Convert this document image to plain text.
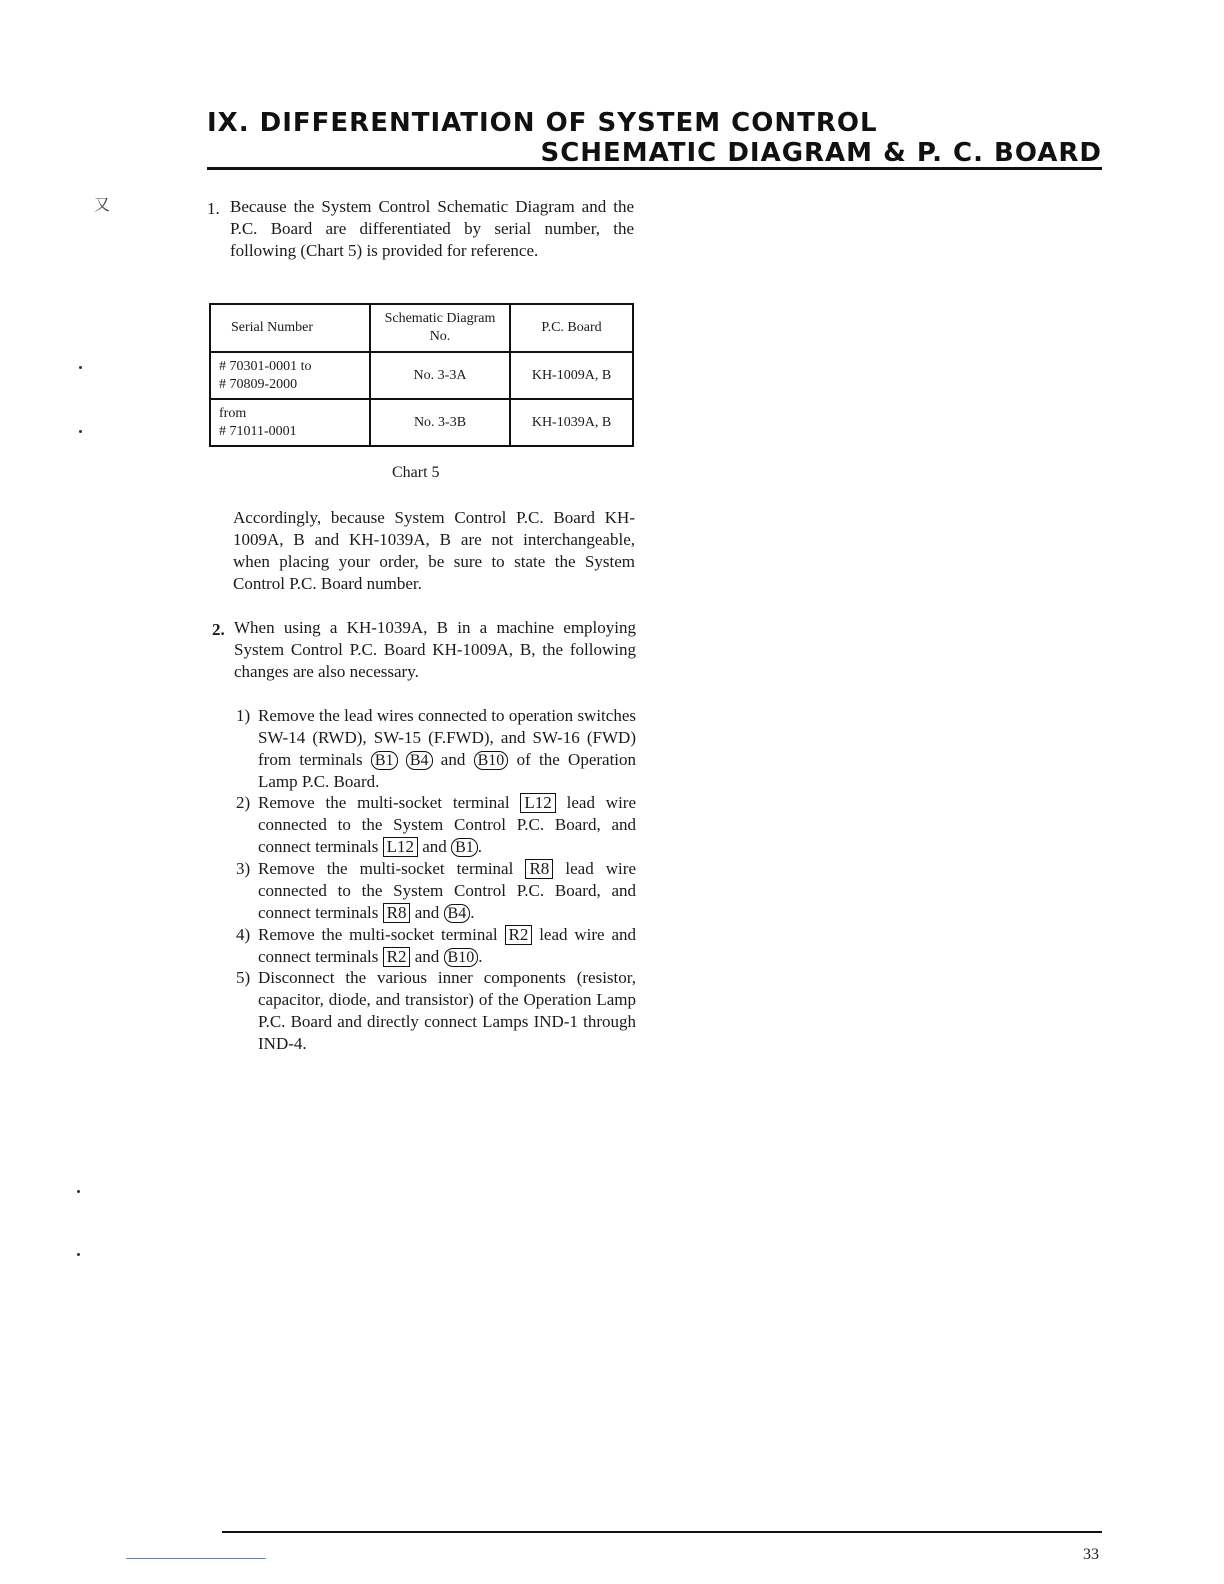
IX. DIFFERENTIATION OF SYSTEM CONTROL
SCHEMATIC DIAGRAM & P. C. BOARD
1. Because the System Control Schematic Diagram and the P.C. Board are differentiated by serial number, the following (Chart 5) is provided for reference.
Serial Number	Schematic Diagram No.	P.C. Board

# 70301-0001 to
# 70809-2000	No. 3-3A	KH-1009A, B

from
# 71011-0001	No. 3-3B	KH-1039A, B
Chart 5
Accordingly, because System Control P.C. Board KH-1009A, B and KH-1039A, B are not interchangeable, when placing your order, be sure to state the System Control P.C. Board number.
2. When using a KH-1039A, B in a machine employing System Control P.C. Board KH-1009A, B, the following changes are also necessary.
1) Remove the lead wires connected to operation switches SW-14 (RWD), SW-15 (F.FWD), and SW-16 (FWD) from terminals B1 B4 and B10 of the Operation Lamp P.C. Board.
2) Remove the multi-socket terminal L12 lead wire connected to the System Control P.C. Board, and connect terminals L12 and B1 .
3) Remove the multi-socket terminal R8 lead wire connected to the System Control P.C. Board, and connect terminals R8 and B4 .
4) Remove the multi-socket terminal R2 lead wire and connect terminals R2 and B10 .
5) Disconnect the various inner components (resistor, capacitor, diode, and transistor) of the Operation Lamp P.C. Board and directly connect Lamps IND-1 through IND-4.
33
⼜
